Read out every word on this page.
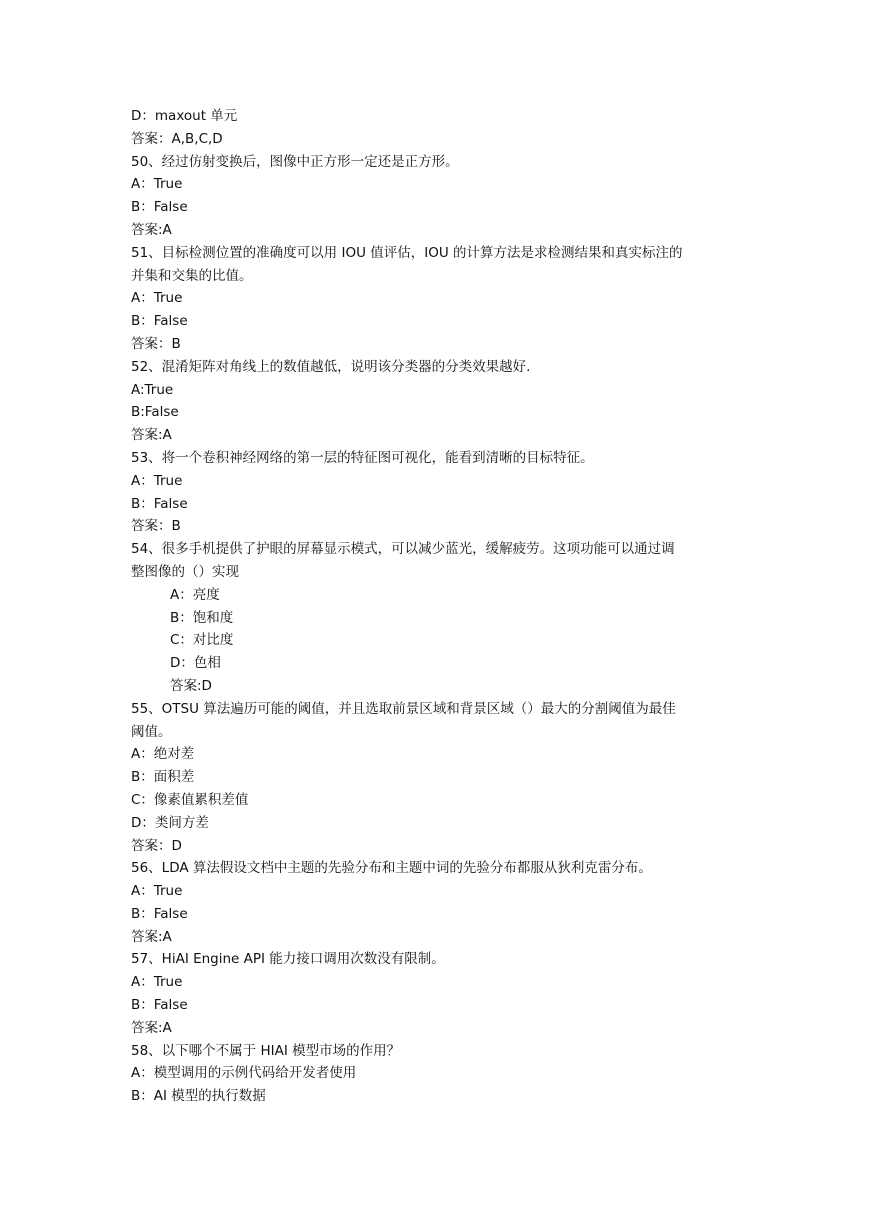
D：maxout 单元

答案：A,B,C,D

50、经过仿射变换后，图像中正方形一定还是正方形。

A：True

B：False

答案:A

51、目标检测位置的准确度可以用 IOU 值评估，IOU 的计算方法是求检测结果和真实标注的

并集和交集的比值。

A：True

B：False

答案：B

52、混淆矩阵对角线上的数值越低，说明该分类器的分类效果越好.

A:True

B:False

答案:A

53、将一个卷积神经网络的第一层的特征图可视化，能看到清晰的目标特征。

A：True

B：False

答案：B

54、很多手机提供了护眼的屏幕显示模式，可以减少蓝光，缓解疲劳。这项功能可以通过调

整图像的（）实现

A：亮度

B：饱和度

C：对比度

D：色相

答案:D

55、OTSU 算法遍历可能的阈值，并且选取前景区域和背景区域（）最大的分割阈值为最佳

阈值。

A：绝对差

B：面积差

C：像素值累积差值

D：类间方差

答案：D

56、LDA 算法假设文档中主题的先验分布和主题中词的先验分布都服从狄利克雷分布。

A：True

B：False

答案:A

57、HiAI Engine API 能力接口调用次数没有限制。

A：True

B：False

答案:A

58、以下哪个不属于 HIAI 模型市场的作用？

A：模型调用的示例代码给开发者使用

B：AI 模型的执行数据
